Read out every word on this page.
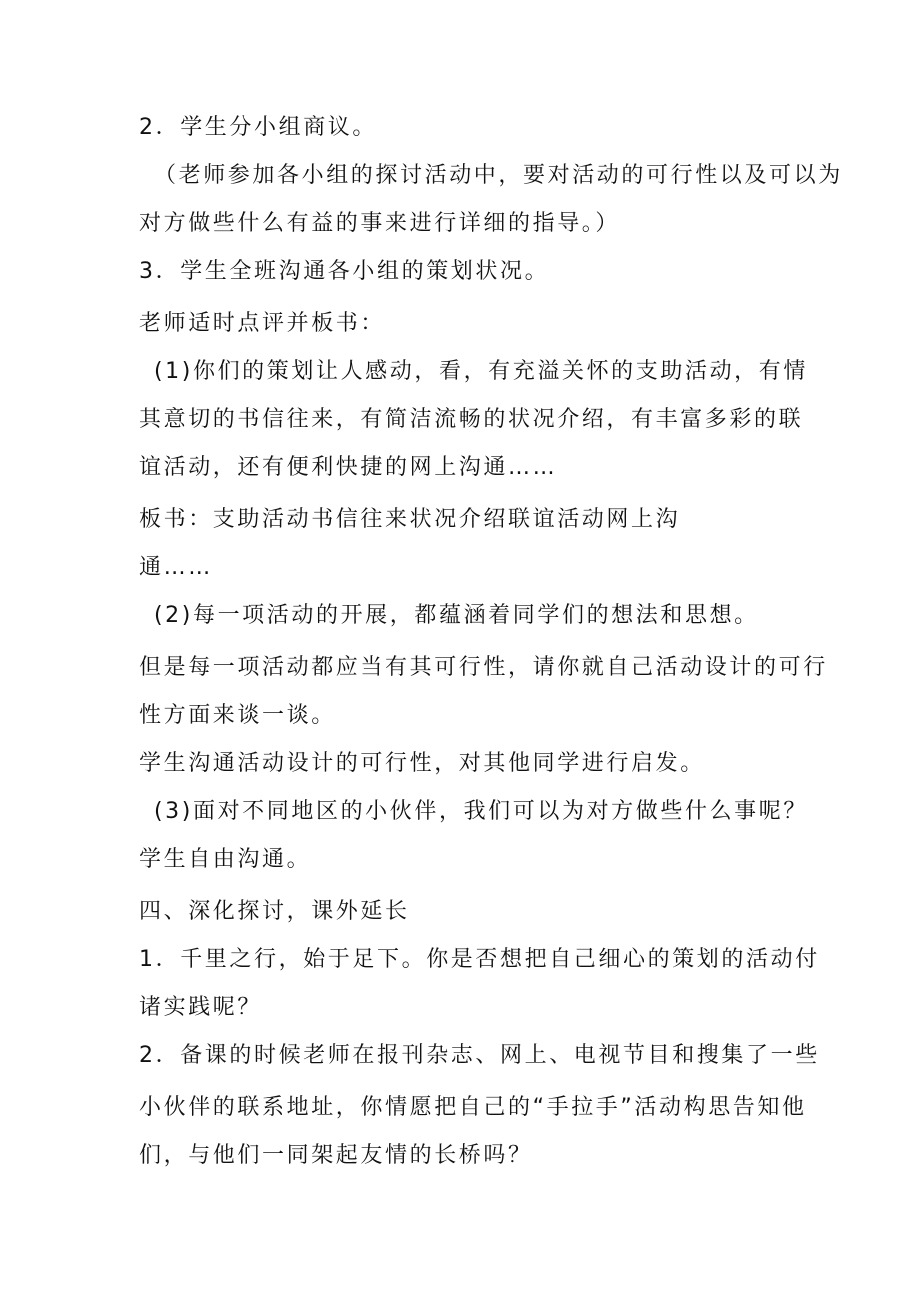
2．学生分小组商议。
（老师参加各小组的探讨活动中，要对活动的可行性以及可以为
对方做些什么有益的事来进行详细的指导。）
3．学生全班沟通各小组的策划状况。
老师适时点评并板书：
(1)你们的策划让人感动，看，有充溢关怀的支助活动，有情
其意切的书信往来，有简洁流畅的状况介绍，有丰富多彩的联
谊活动，还有便利快捷的网上沟通……
板书：支助活动书信往来状况介绍联谊活动网上沟
通……
(2)每一项活动的开展，都蕴涵着同学们的想法和思想。
但是每一项活动都应当有其可行性，请你就自己活动设计的可行
性方面来谈一谈。
学生沟通活动设计的可行性，对其他同学进行启发。
(3)面对不同地区的小伙伴，我们可以为对方做些什么事呢？
学生自由沟通。
四、深化探讨，课外延长
1．千里之行，始于足下。你是否想把自己细心的策划的活动付
诸实践呢？
2．备课的时候老师在报刊杂志、网上、电视节目和搜集了一些
小伙伴的联系地址，你情愿把自己的“手拉手”活动构思告知他
们，与他们一同架起友情的长桥吗？
